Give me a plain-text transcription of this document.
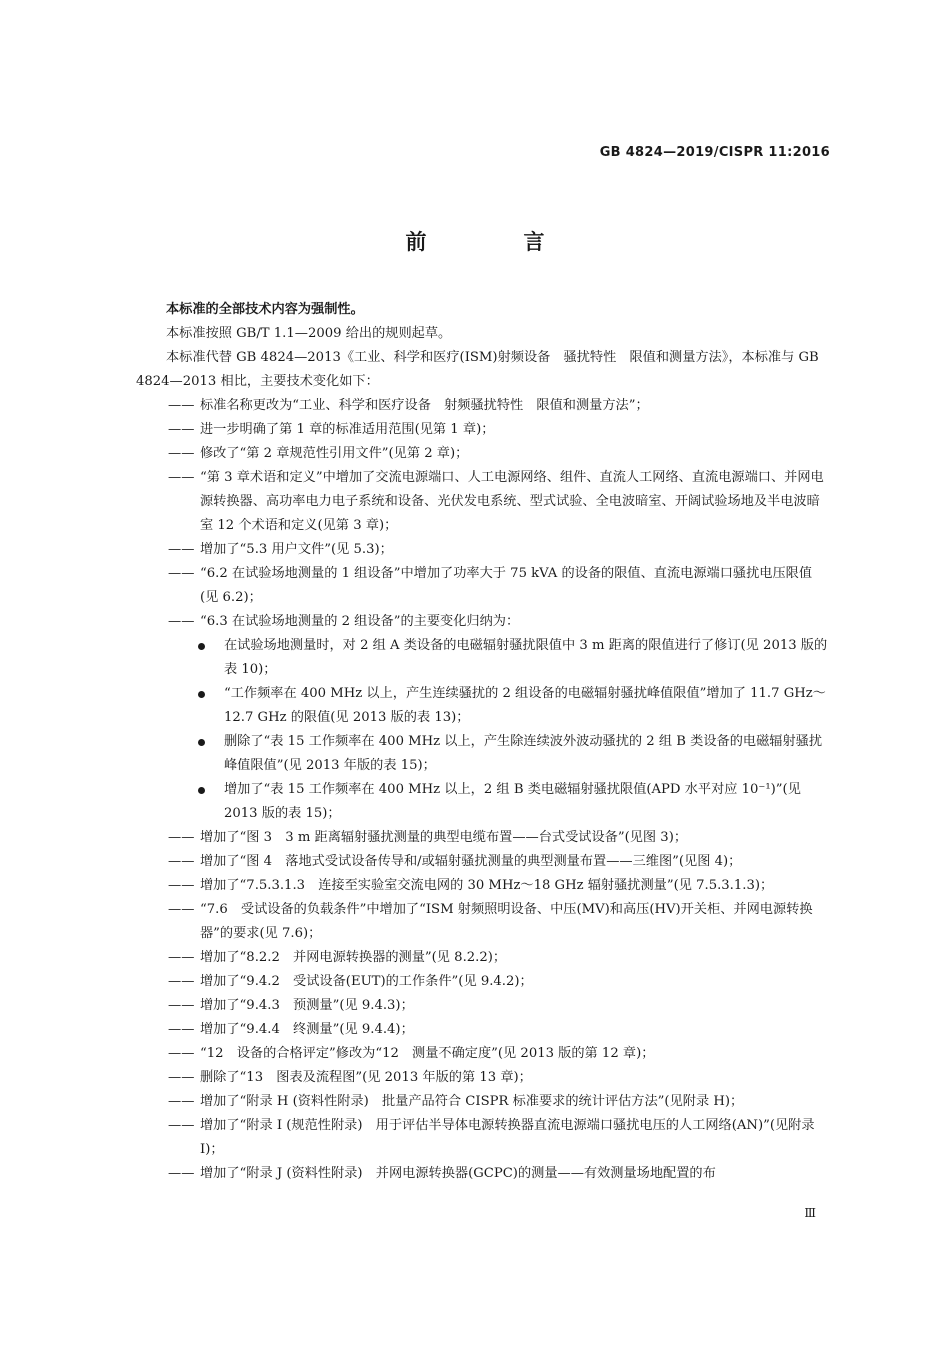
GB 4824—2019/CISPR 11:2016
前　言

本标准的全部技术内容为强制性。

本标准按照 GB/T 1.1—2009 给出的规则起草。

本标准代替 GB 4824—2013《工业、科学和医疗(ISM)射频设备　骚扰特性　限值和测量方法》，本标准与 GB 4824—2013 相比，主要技术变化如下：

—— 标准名称更改为“工业、科学和医疗设备　射频骚扰特性　限值和测量方法”；

—— 进一步明确了第 1 章的标准适用范围(见第 1 章)；

—— 修改了“第 2 章规范性引用文件”(见第 2 章)；

—— “第 3 章术语和定义”中增加了交流电源端口、人工电源网络、组件、直流人工网络、直流电源端口、并网电源转换器、高功率电力电子系统和设备、光伏发电系统、型式试验、全电波暗室、开阔试验场地及半电波暗室 12 个术语和定义(见第 3 章)；

—— 增加了“5.3 用户文件”(见 5.3)；

—— “6.2 在试验场地测量的 1 组设备”中增加了功率大于 75 kVA 的设备的限值、直流电源端口骚扰电压限值(见 6.2)；

—— “6.3 在试验场地测量的 2 组设备”的主要变化归纳为：

在试验场地测量时，对 2 组 A 类设备的电磁辐射骚扰限值中 3 m 距离的限值进行了修订(见 2013 版的表 10)；

“工作频率在 400 MHz 以上，产生连续骚扰的 2 组设备的电磁辐射骚扰峰值限值”增加了 11.7 GHz～12.7 GHz 的限值(见 2013 版的表 13)；

删除了“表 15 工作频率在 400 MHz 以上，产生除连续波外波动骚扰的 2 组 B 类设备的电磁辐射骚扰峰值限值”(见 2013 年版的表 15)；

增加了“表 15 工作频率在 400 MHz 以上，2 组 B 类电磁辐射骚扰限值(APD 水平对应 10⁻¹)”(见 2013 版的表 15)；

—— 增加了“图 3　3 m 距离辐射骚扰测量的典型电缆布置——台式受试设备”(见图 3)；

—— 增加了“图 4　落地式受试设备传导和/或辐射骚扰测量的典型测量布置——三维图”(见图 4)；

—— 增加了“7.5.3.1.3　连接至实验室交流电网的 30 MHz～18 GHz 辐射骚扰测量”(见 7.5.3.1.3)；

—— “7.6　受试设备的负载条件”中增加了“ISM 射频照明设备、中压(MV)和高压(HV)开关柜、并网电源转换器”的要求(见 7.6)；

—— 增加了“8.2.2　并网电源转换器的测量”(见 8.2.2)；

—— 增加了“9.4.2　受试设备(EUT)的工作条件”(见 9.4.2)；

—— 增加了“9.4.3　预测量”(见 9.4.3)；

—— 增加了“9.4.4　终测量”(见 9.4.4)；

—— “12　设备的合格评定”修改为“12　测量不确定度”(见 2013 版的第 12 章)；

—— 删除了“13　图表及流程图”(见 2013 年版的第 13 章)；

—— 增加了“附录 H (资料性附录)　批量产品符合 CISPR 标准要求的统计评估方法”(见附录 H)；

—— 增加了“附录 I (规范性附录)　用于评估半导体电源转换器直流电源端口骚扰电压的人工网络(AN)”(见附录 I)；

—— 增加了“附录 J (资料性附录)　并网电源转换器(GCPC)的测量——有效测量场地配置的布

Ⅲ
